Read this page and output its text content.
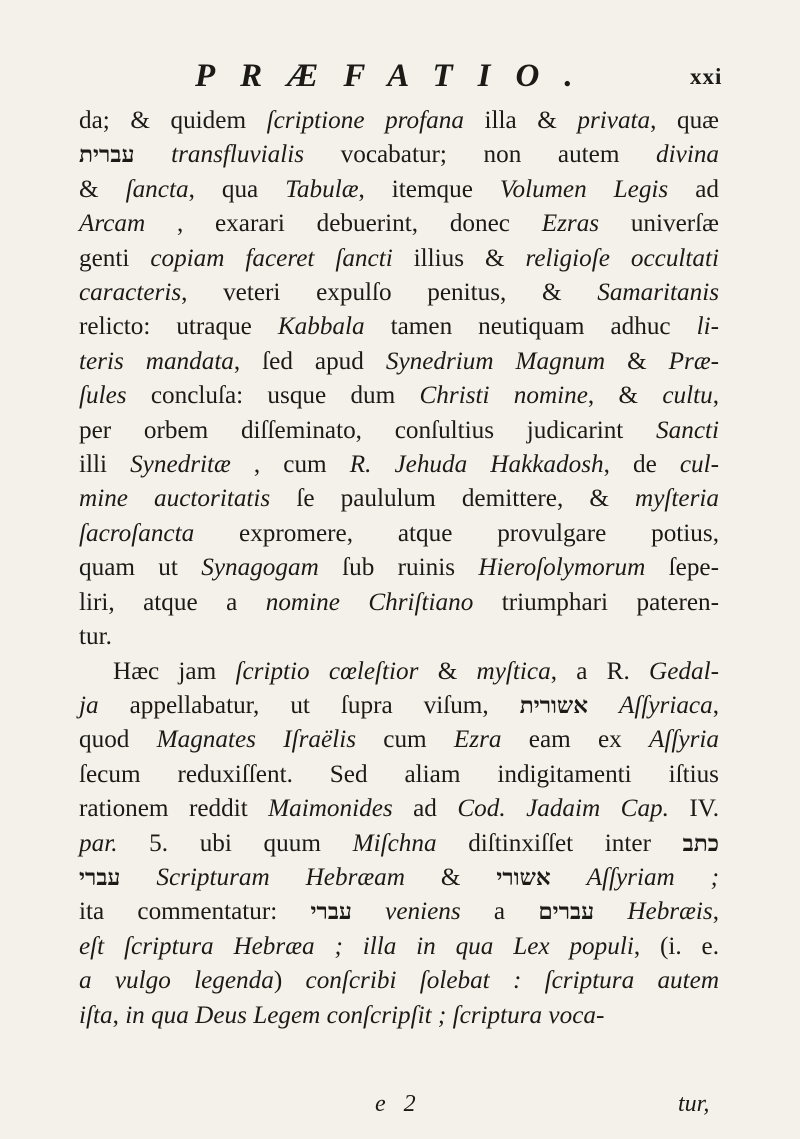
PRÆFATIO.	xxi
da; & quidem ſcriptione profana illa & privata, quæ
עברית transfluvialis vocabatur; non autem divina
& ſancta, qua Tabulæ, itemque Volumen Legis ad
Arcam , exarari debuerint, donec Ezras univerſæ
genti copiam faceret ſancti illius & religioſe occultati
caracteris, veteri expulſo penitus, & Samaritanis
relicto: utraque Kabbala tamen neutiquam adhuc li-
teris mandata, ſed apud Synedrium Magnum & Præ-
ſules concluſa: usque dum Christi nomine, & cultu,
per orbem diſſeminato, conſultius judicarint Sancti
illi Synedritæ , cum R. Jehuda Hakkadosh, de cul-
mine auctoritatis ſe paululum demittere, & myſteria
ſacroſancta expromere, atque provulgare potius,
quam ut Synagogam ſub ruinis Hieroſolymorum ſepe-
liri, atque a nomine Chriſtiano triumphari pateren-
tur.
Hæc jam ſcriptio cœleſtior & myſtica, a R. Gedal-
ja appellabatur, ut ſupra viſum, אשורית Aſſyriaca,
quod Magnates Iſraëlis cum Ezra eam ex Aſſyria
ſecum reduxiſſent. Sed aliam indigitamenti iſtius
rationem reddit Maimonides ad Cod. Jadaim Cap. IV.
par. 5. ubi quum Miſchna diſtinxiſſet inter כתב
עברי Scripturam Hebræam & אשורי Aſſyriam ;
ita commentatur: עברי veniens a עברים Hebræis,
eſt ſcriptura Hebræa ; illa in qua Lex populi, (i. e.
a vulgo legenda) conſcribi ſolebat : ſcriptura autem
iſta, in qua Deus Legem conſcripſit ; ſcriptura voca-
e 2	tur,
